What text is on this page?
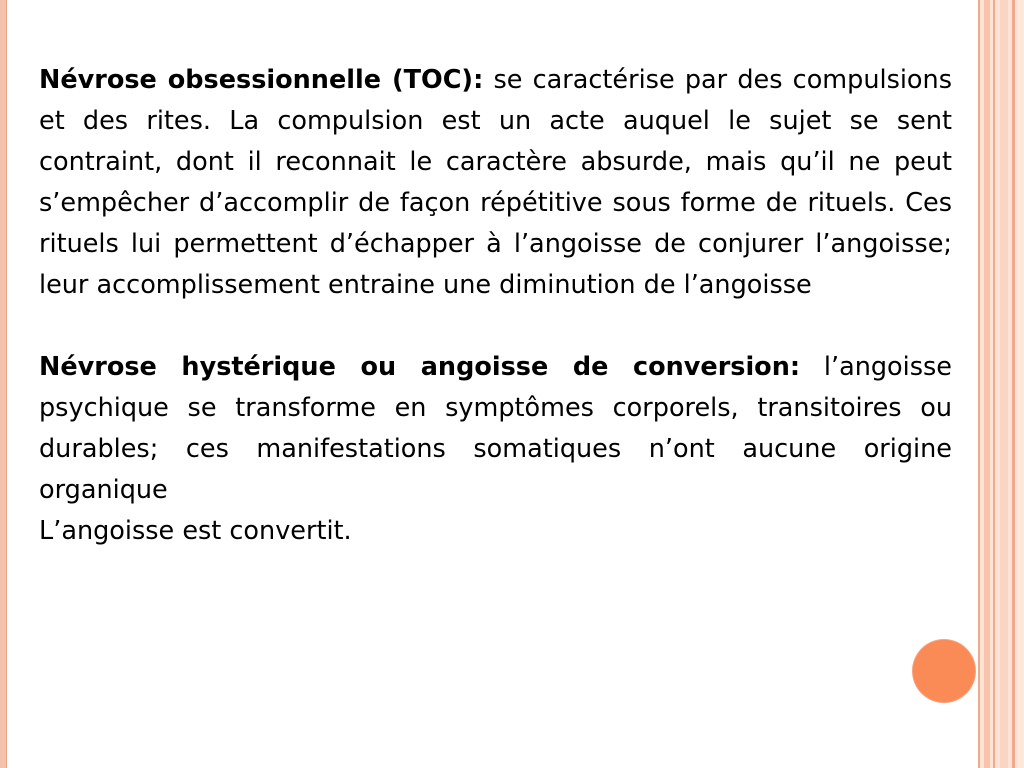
Névrose obsessionnelle (TOC): se caractérise par des compulsions et des rites. La compulsion est un acte auquel le sujet se sent contraint, dont il reconnait le caractère absurde, mais qu’il ne peut s’empêcher d’accomplir de façon répétitive sous forme de rituels. Ces rituels lui permettent d’échapper à l’angoisse de conjurer l’angoisse; leur accomplissement entraine une diminution de l’angoisse

Névrose hystérique ou angoisse de conversion: l’angoisse psychique se transforme en symptômes corporels, transitoires ou durables; ces manifestations somatiques n’ont aucune origine organique

L’angoisse est convertit.
